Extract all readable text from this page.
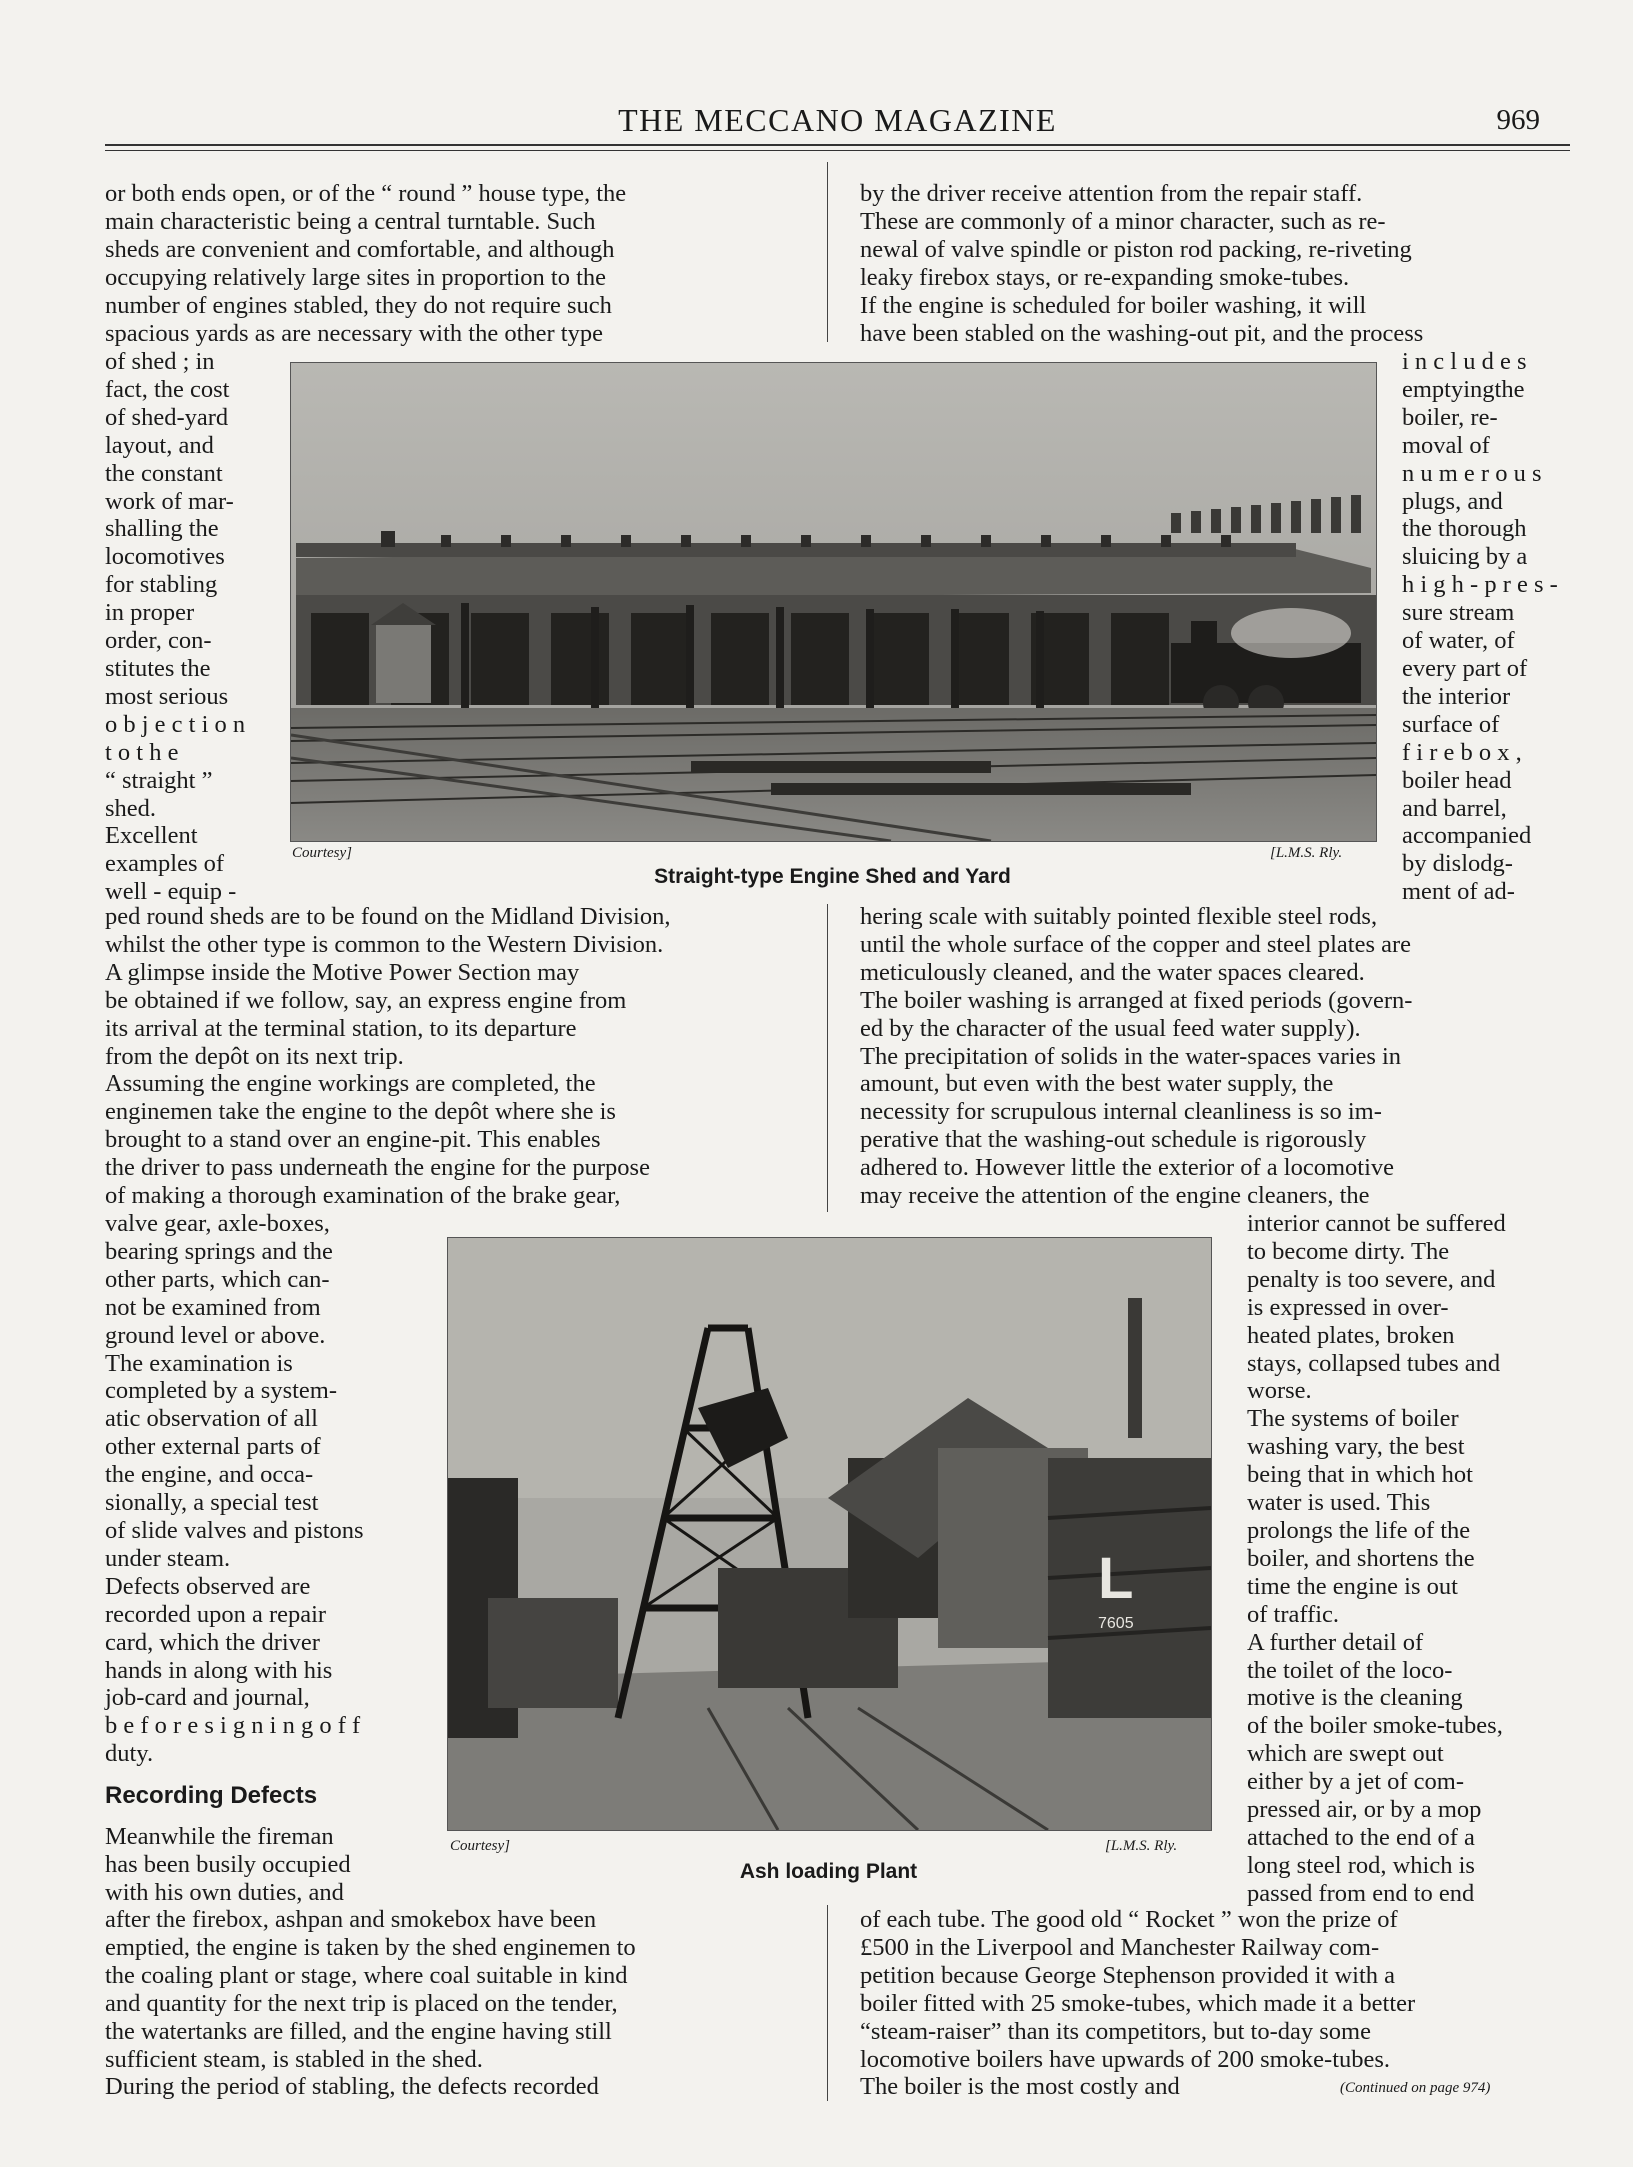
THE MECCANO MAGAZINE	969

or both ends open, or of the “ round ” house type, the

main characteristic being a central turntable. Such

sheds are convenient and comfortable, and although

occupying relatively large sites in proportion to the

number of engines stabled, they do not require such

spacious yards as are necessary with the other type

by the driver receive attention from the repair staff.

These are commonly of a minor character, such as re-

newal of valve spindle or piston rod packing, re-riveting

leaky firebox stays, or re-expanding smoke-tubes.

If the engine is scheduled for boiler washing, it will

have been stabled on the washing-out pit, and the process

of shed ; in
fact, the cost
of shed-yard
layout, and
the constant
work of mar-
shalling the
locomotives
for stabling
in proper
order, con-
stitutes the
most serious
o b j e c t i o n
t o t h e
“ straight ”
shed.
Excellent
examples of
well - equip -
i n c l u d e s
emptyingthe
boiler, re-
moval of
n u m e r o u s
plugs, and
the thorough
sluicing by a
h i g h - p r e s -
sure stream
of water, of
every part of
the interior
surface of
f i r e b o x ,
boiler head
and barrel,
accompanied
by dislodg-
ment of ad-
Courtesy]	[L.M.S. Rly.
Straight-type Engine Shed and Yard

ped round sheds are to be found on the Midland Division,

whilst the other type is common to the Western Division.

A glimpse inside the Motive Power Section may

be obtained if we follow, say, an express engine from

its arrival at the terminal station, to its departure

from the depôt on its next trip.

Assuming the engine workings are completed, the

enginemen take the engine to the depôt where she is

brought to a stand over an engine-pit. This enables

the driver to pass underneath the engine for the purpose

of making a thorough examination of the brake gear,

hering scale with suitably pointed flexible steel rods,

until the whole surface of the copper and steel plates are

meticulously cleaned, and the water spaces cleared.

The boiler washing is arranged at fixed periods (govern-

ed by the character of the usual feed water supply).

The precipitation of solids in the water-spaces varies in

amount, but even with the best water supply, the

necessity for scrupulous internal cleanliness is so im-

perative that the washing-out schedule is rigorously

adhered to. However little the exterior of a locomotive

may receive the attention of the engine cleaners, the

valve gear, axle-boxes,
bearing springs and the
other parts, which can-
not be examined from
ground level or above.
The examination is
completed by a system-
atic observation of all
other external parts of
the engine, and occa-
sionally, a special test
of slide valves and pistons
under steam.
Defects observed are
recorded upon a repair
card, which the driver
hands in along with his
job-card and journal,
b e f o r e s i g n i n g o f f
duty.
Recording Defects
Meanwhile the fireman
has been busily occupied
with his own duties, and
interior cannot be suffered
to become dirty. The
penalty is too severe, and
is expressed in over-
heated plates, broken
stays, collapsed tubes and
worse.
The systems of boiler
washing vary, the best
being that in which hot
water is used. This
prolongs the life of the
boiler, and shortens the
time the engine is out
of traffic.
A further detail of
the toilet of the loco-
motive is the cleaning
of the boiler smoke-tubes,
which are swept out
either by a jet of com-
pressed air, or by a mop
attached to the end of a
long steel rod, which is
passed from end to end
L
7605
Courtesy]	[L.M.S. Rly.
Ash loading Plant

after the firebox, ashpan and smokebox have been

emptied, the engine is taken by the shed enginemen to

the coaling plant or stage, where coal suitable in kind

and quantity for the next trip is placed on the tender,

the watertanks are filled, and the engine having still

sufficient steam, is stabled in the shed.

During the period of stabling, the defects recorded

of each tube. The good old “ Rocket ” won the prize of

£500 in the Liverpool and Manchester Railway com-

petition because George Stephenson provided it with a

boiler fitted with 25 smoke-tubes, which made it a better

“steam-raiser” than its competitors, but to-day some

locomotive boilers have upwards of 200 smoke-tubes.

The boiler is the most costly and	(Continued on page 974)
